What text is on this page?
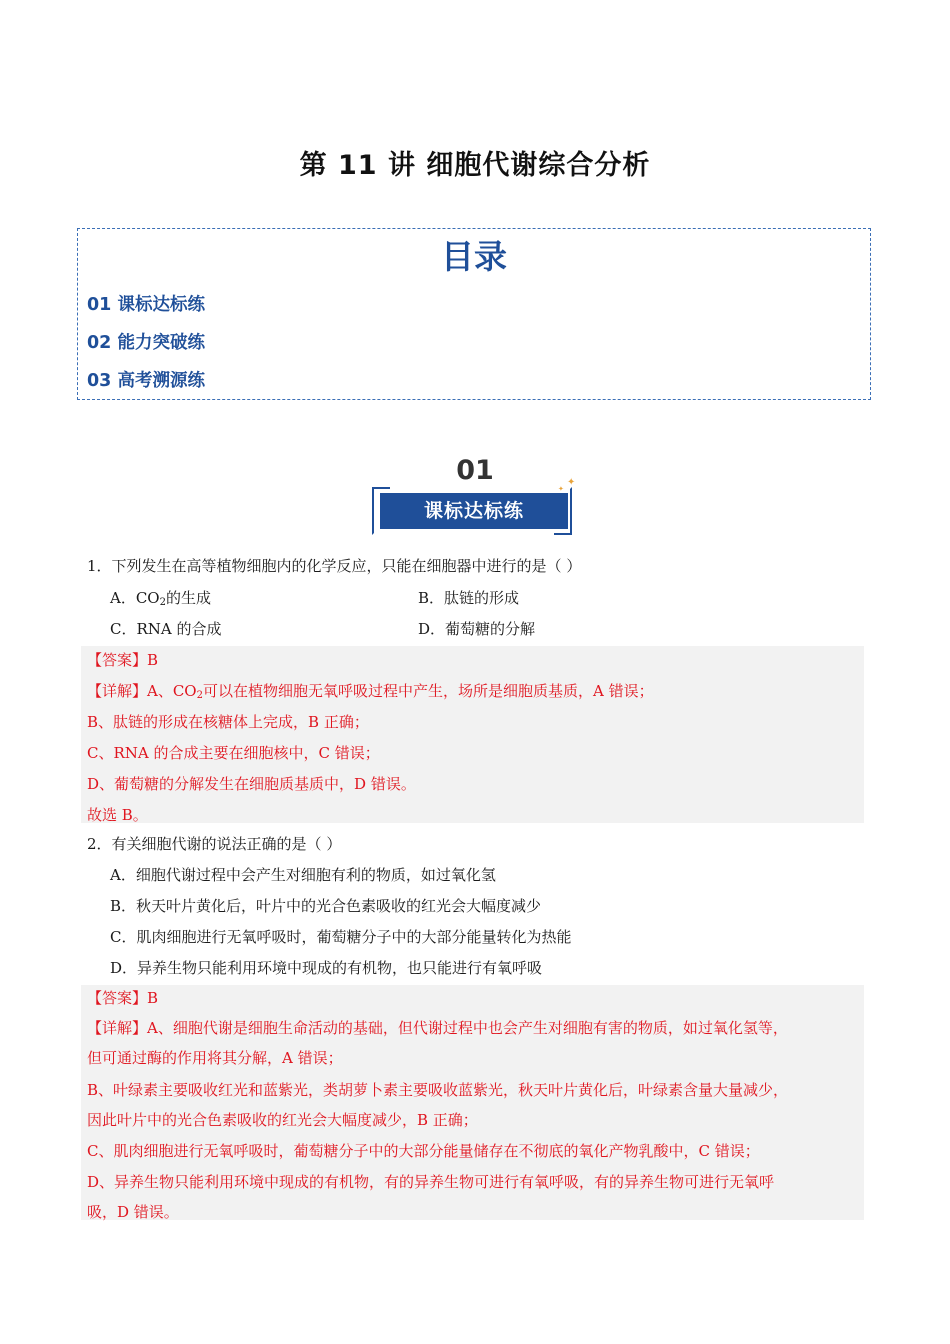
第 11 讲 细胞代谢综合分析
目录
01 课标达标练
02 能力突破练
03 高考溯源练
01
课标达标练
✦
✦
1．下列发生在高等植物细胞内的化学反应，只能在细胞器中进行的是（ ）
A．$CO_2$的生成	B．肽链的形成
C．RNA 的合成	D．葡萄糖的分解
【答案】B
【详解】A、$CO_2$可以在植物细胞无氧呼吸过程中产生，场所是细胞质基质，A 错误；
B、肽链的形成在核糖体上完成，B 正确；
C、RNA 的合成主要在细胞核中，C 错误；
D、葡萄糖的分解发生在细胞质基质中，D 错误。
故选 B。
2．有关细胞代谢的说法正确的是（ ）
A．细胞代谢过程中会产生对细胞有利的物质，如过氧化氢
B．秋天叶片黄化后，叶片中的光合色素吸收的红光会大幅度减少
C．肌肉细胞进行无氧呼吸时，葡萄糖分子中的大部分能量转化为热能
D．异养生物只能利用环境中现成的有机物，也只能进行有氧呼吸
【答案】B
【详解】A、细胞代谢是细胞生命活动的基础，但代谢过程中也会产生对细胞有害的物质，如过氧化氢等，
但可通过酶的作用将其分解，A 错误；
B、叶绿素主要吸收红光和蓝紫光，类胡萝卜素主要吸收蓝紫光，秋天叶片黄化后，叶绿素含量大量减少，
因此叶片中的光合色素吸收的红光会大幅度减少，B 正确；
C、肌肉细胞进行无氧呼吸时，葡萄糖分子中的大部分能量储存在不彻底的氧化产物乳酸中，C 错误；
D、异养生物只能利用环境中现成的有机物，有的异养生物可进行有氧呼吸，有的异养生物可进行无氧呼
吸，D 错误。
